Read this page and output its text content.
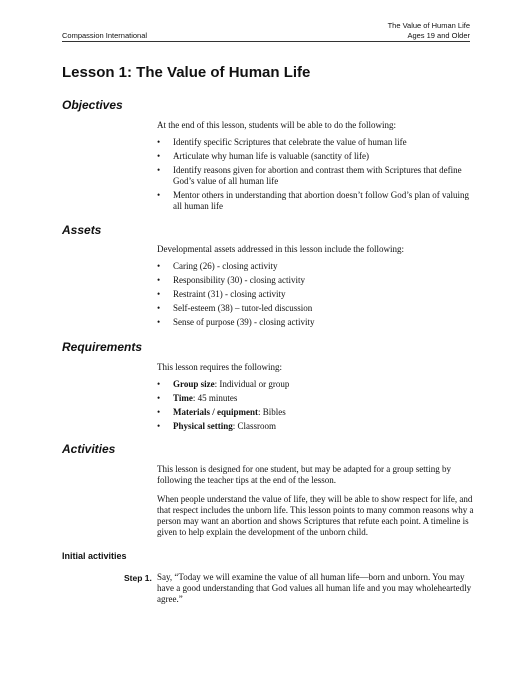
Compassion International
The Value of Human Life
Ages 19 and Older
Lesson 1: The Value of Human Life
Objectives

At the end of this lesson, students will be able to do the following:

• Identify specific Scriptures that celebrate the value of human life
• Articulate why human life is valuable (sanctity of life)
• Identify reasons given for abortion and contrast them with Scriptures that define God’s value of all human life
• Mentor others in understanding that abortion doesn’t follow God’s plan of valuing all human life
Assets

Developmental assets addressed in this lesson include the following:

• Caring (26) - closing activity
• Responsibility (30) - closing activity
• Restraint (31) - closing activity
• Self-esteem (38) – tutor-led discussion
• Sense of purpose (39) - closing activity
Requirements

This lesson requires the following:

• Group size: Individual or group
• Time: 45 minutes
• Materials / equipment: Bibles
• Physical setting: Classroom
Activities

This lesson is designed for one student, but may be adapted for a group setting by following the teacher tips at the end of the lesson.

When people understand the value of life, they will be able to show respect for life, and that respect includes the unborn life. This lesson points to many common reasons why a person may want an abortion and shows Scriptures that refute each point. A timeline is given to help explain the development of the unborn child.

Initial activities
Step 1. Say, “Today we will examine the value of all human life—born and unborn. You may have a good understanding that God values all human life and you may wholeheartedly agree.”
